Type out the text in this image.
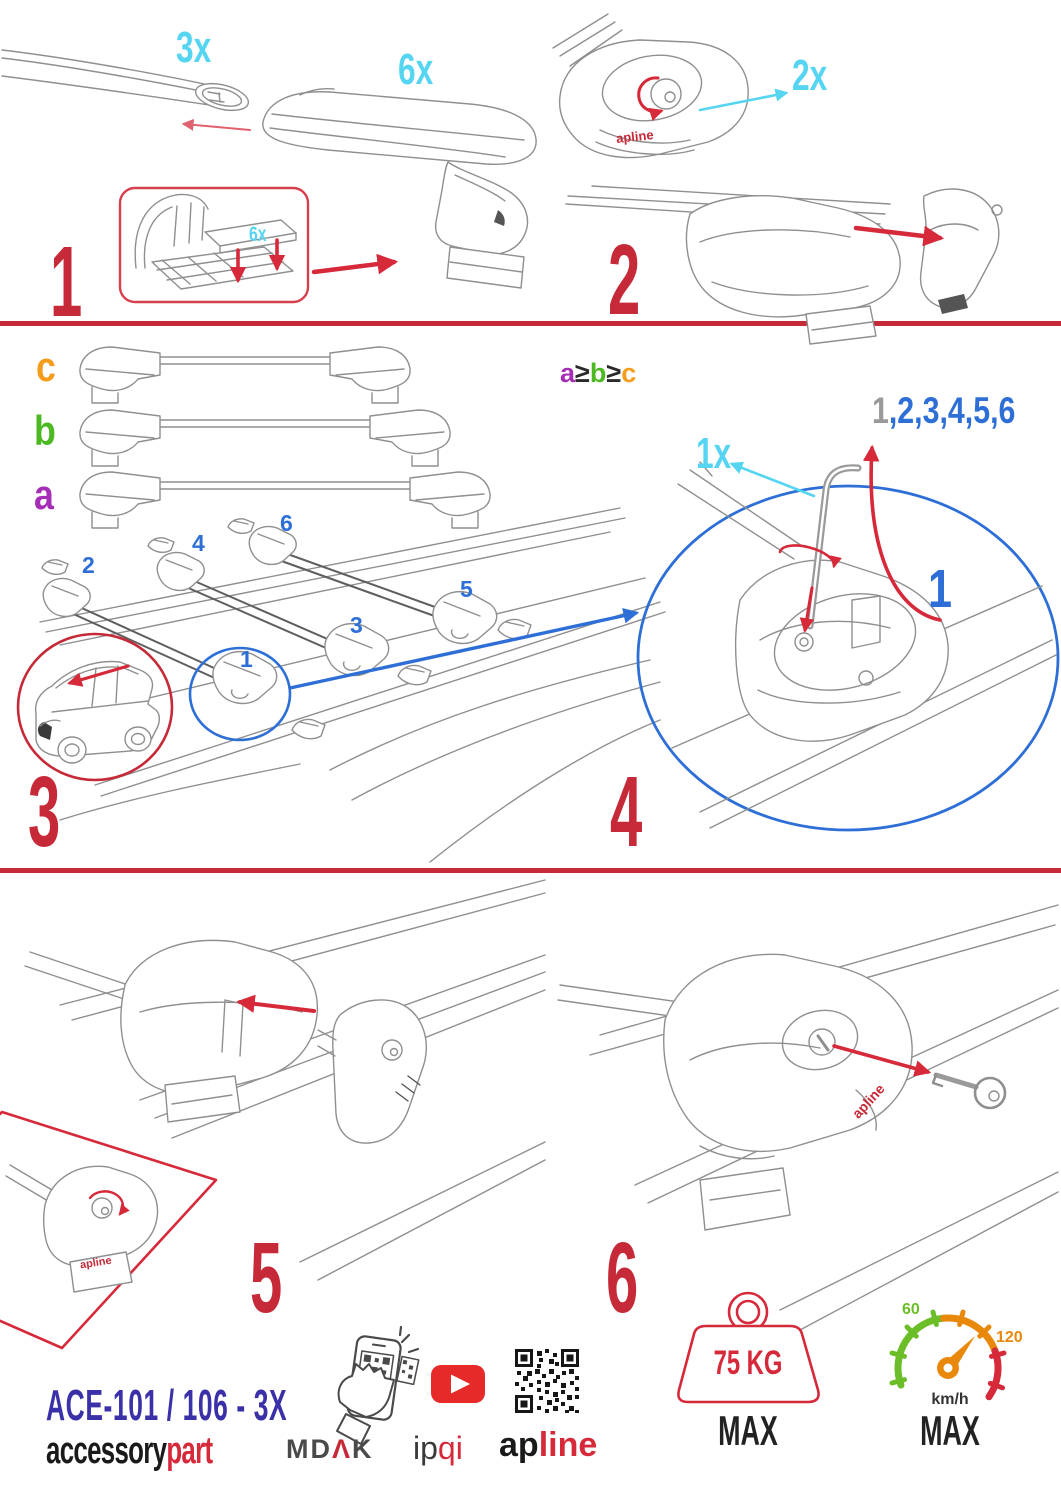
3x	6x
6x
1
2x
apline
2
c
b
a
a≥b≥c
2
4
6
1
3
5
3
1,2,3,4,5,6
1x
1
4
apline 5
apline
6
ACE-101 / 106 - 3X
accessorypart	MDΛK ipqi apline
75 KG
MAX
60
120
km/h
MAX
